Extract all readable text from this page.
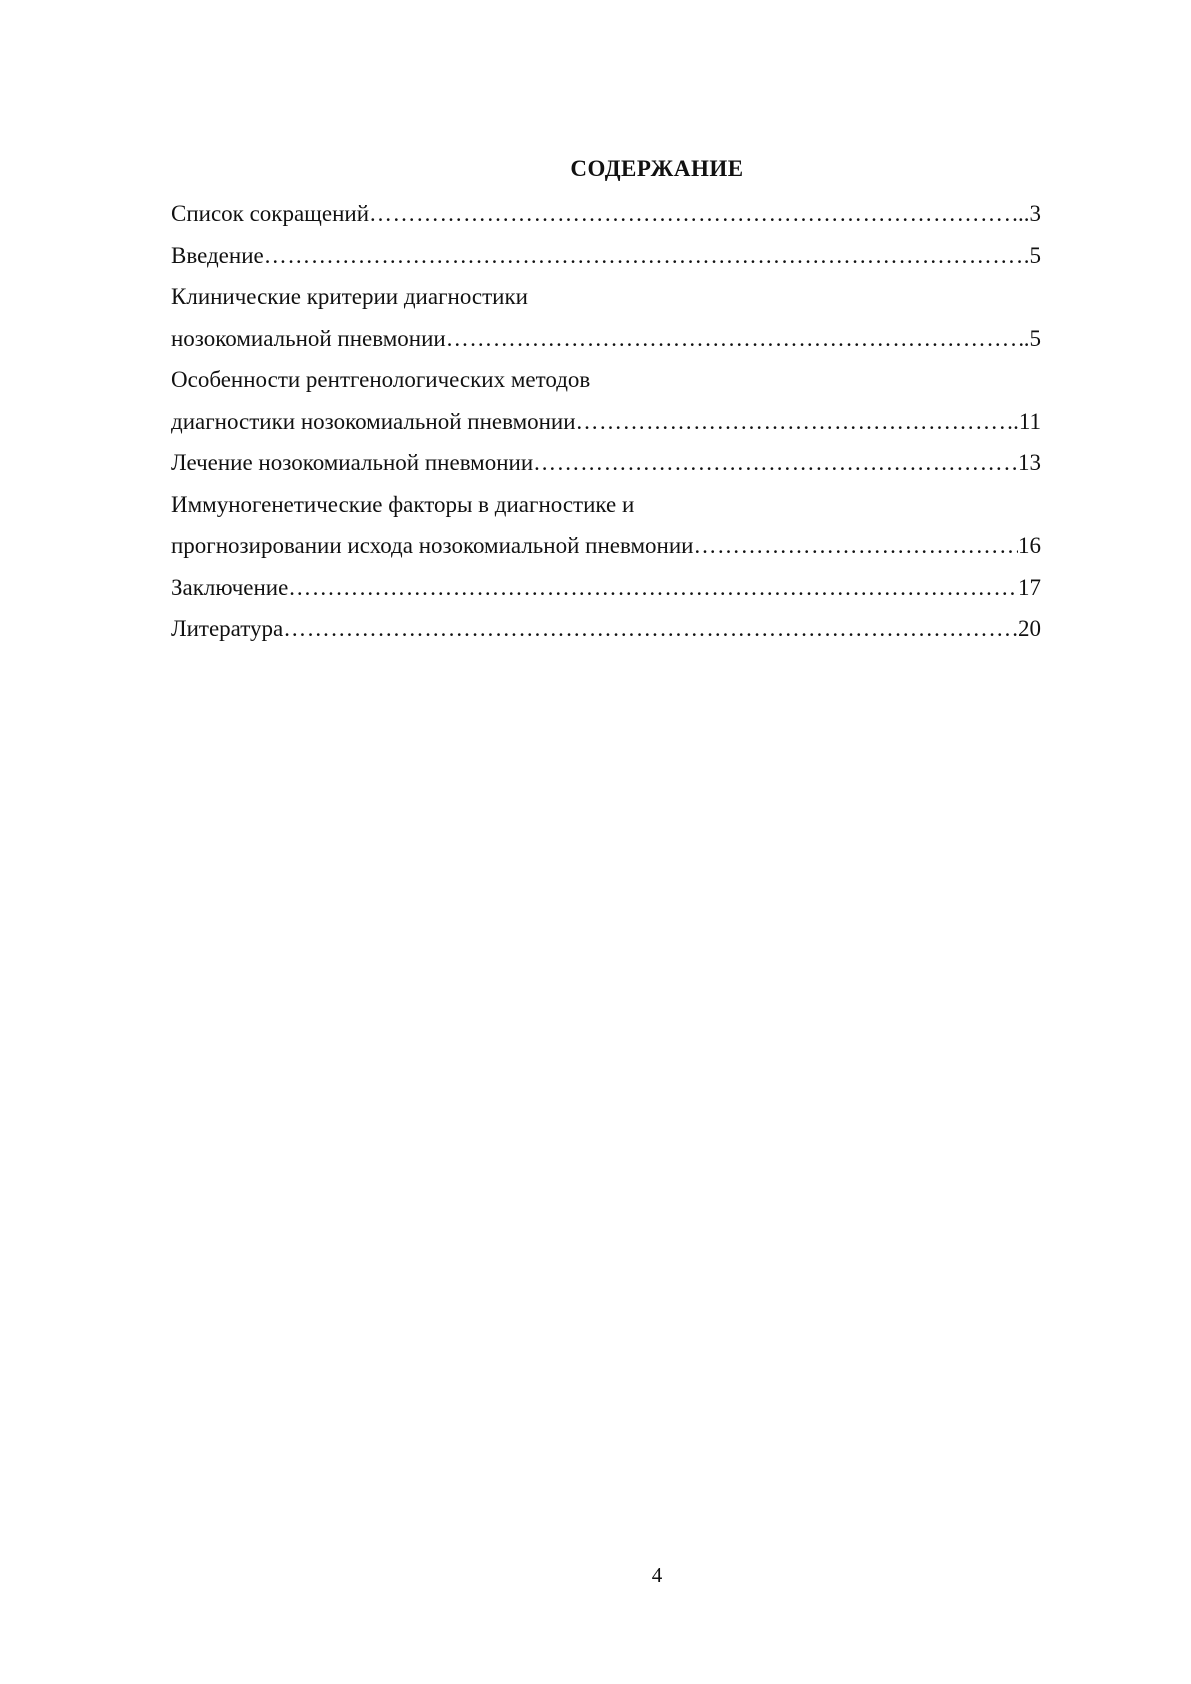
СОДЕРЖАНИЕ
Список сокращений ………………………………………………………………………………………………………………………………………………………………………………………………	..3
Введение ………………………………………………………………………………………………………………………………………………………………………………………………	.5
Клинические критерии диагностики
нозокомиальной пневмонии ………………………………………………………………………………………………………………………………………………………………………………………………	.5
Особенности рентгенологических методов
диагностики нозокомиальной пневмонии ………………………………………………………………………………………………………………………………………………………………………………………………	.11
Лечение нозокомиальной пневмонии ………………………………………………………………………………………………………………………………………………………………………………………………	13
Иммуногенетические факторы в диагностике и
прогнозировании исхода нозокомиальной пневмонии ………………………………………………………………………………………………………………………………………………………………………………………………	16
Заключение ………………………………………………………………………………………………………………………………………………………………………………………………	17
Литература ………………………………………………………………………………………………………………………………………………………………………………………………	.20
4
